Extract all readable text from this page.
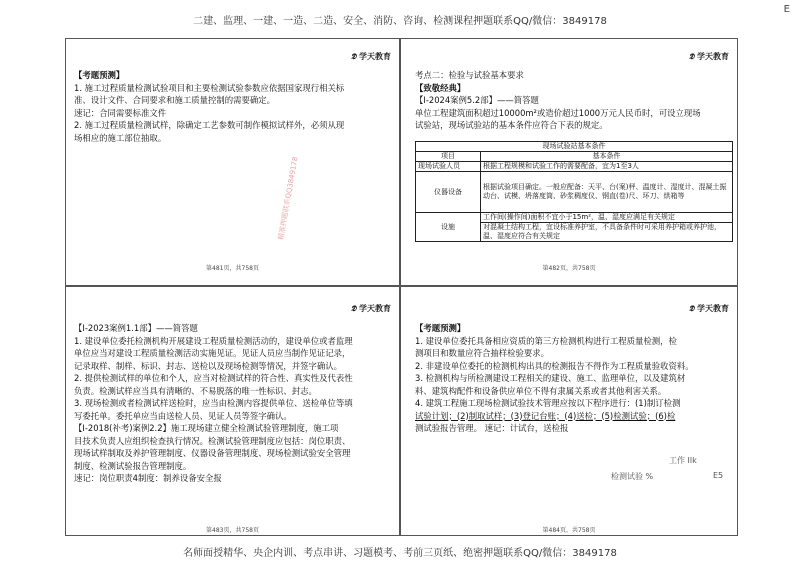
E
二建、监理、一建、一造、二造、安全、消防、咨询、检测课程押题联系QQ/微信：3849178
𝕯 学天教育

【考题预测】

1. 施工过程质量检测试验项目和主要检测试验参数应依据国家现行相关标

准、设计文件、合同要求和施工质量控制的需要确定。

速记：合同需要标准文件

2. 施工过程质量检测试样，除确定工艺参数可制作模拟试样外，必须从现

场相应的施工部位抽取。

精准押题联系QQ3849178
第481页，共758页
𝕯 学天教育

考点二：检验与试验基本要求

【致敬经典】

【Ⅰ-2024案例5.2部】——简答题

单位工程建筑面积超过10000m²或造价超过1000万元人民币时，可设立现场

试验站，现场试验站的基本条件应符合下表的规定。

现场试验站基本条件	
项目	基本条件
现场试验人员	根据工程规模和试验工作的需要配备，宜为1至3人
仪器设备	根据试验项目确定。一般应配备：天平、台(案)秤、温度计、湿度计、混凝土振动台、试模、坍落度筒、砂浆稠度仪、钢直(卷)尺、环刀、烘箱等
设施	工作间(操作间)面积不宜小于15m²，温、湿度应满足有关规定
	对混凝土结构工程，宜设标准养护室，不具备条件时可采用养护箱或养护池，温、湿度应符合有关规定
第482页，共758页
𝕯 学天教育

【Ⅰ-2023案例1.1部】——简答题

1. 建设单位委托检测机构开展建设工程质量检测活动的，建设单位或者监理

单位应当对建设工程质量检测活动实施见证。见证人员应当制作见证记录，

记录取样、制样、标识、封志、送检以及现场检测等情况，并签字确认。

2. 提供检测试样的单位和个人，应当对检测试样的符合性、真实性及代表性

负责。检测试样应当具有清晰的、不易脱落的唯一性标识、封志。

3. 现场检测或者检测试样送检时，应当由检测内容提供单位、送检单位等填

写委托单。委托单应当由送检人员、见证人员等签字确认。

【Ⅰ-2018(补考)案例2.2】施工现场建立健全检测试验管理制度，施工项

目技术负责人应组织检查执行情况。检测试验管理制度应包括：岗位职责、

现场试样制取及养护管理制度、仪器设备管理制度、现场检测试验安全管理

制度、检测试验报告管理制度。

速记：岗位职责4制度：制养设备安全报

第483页，共758页
𝕯 学天教育

【考题预测】

1. 建设单位委托具备相应资质的第三方检测机构进行工程质量检测，检

测项目和数量应符合抽样检验要求。

2. 非建设单位委托的检测机构出具的检测报告不得作为工程质量验收资料。

3. 检测机构与所检测建设工程相关的建设、施工、监理单位，以及建筑材

料、建筑构配件和设备供应单位不得有隶属关系或者其他利害关系。

4. 建筑工程施工现场检测试验技术管理应按以下程序进行：(1)制订检测

试验计划；(2)制取试样；(3)登记台账；(4)送检；(5)检测试验；(6)检

测试验报告管理。 速记：计试台，送检报

工作 Ilk
检测试验 %	E5
第484页，共758页
名师面授精华、央企内训、考点串讲、习题模考、考前三页纸、绝密押题联系QQ/微信：3849178
